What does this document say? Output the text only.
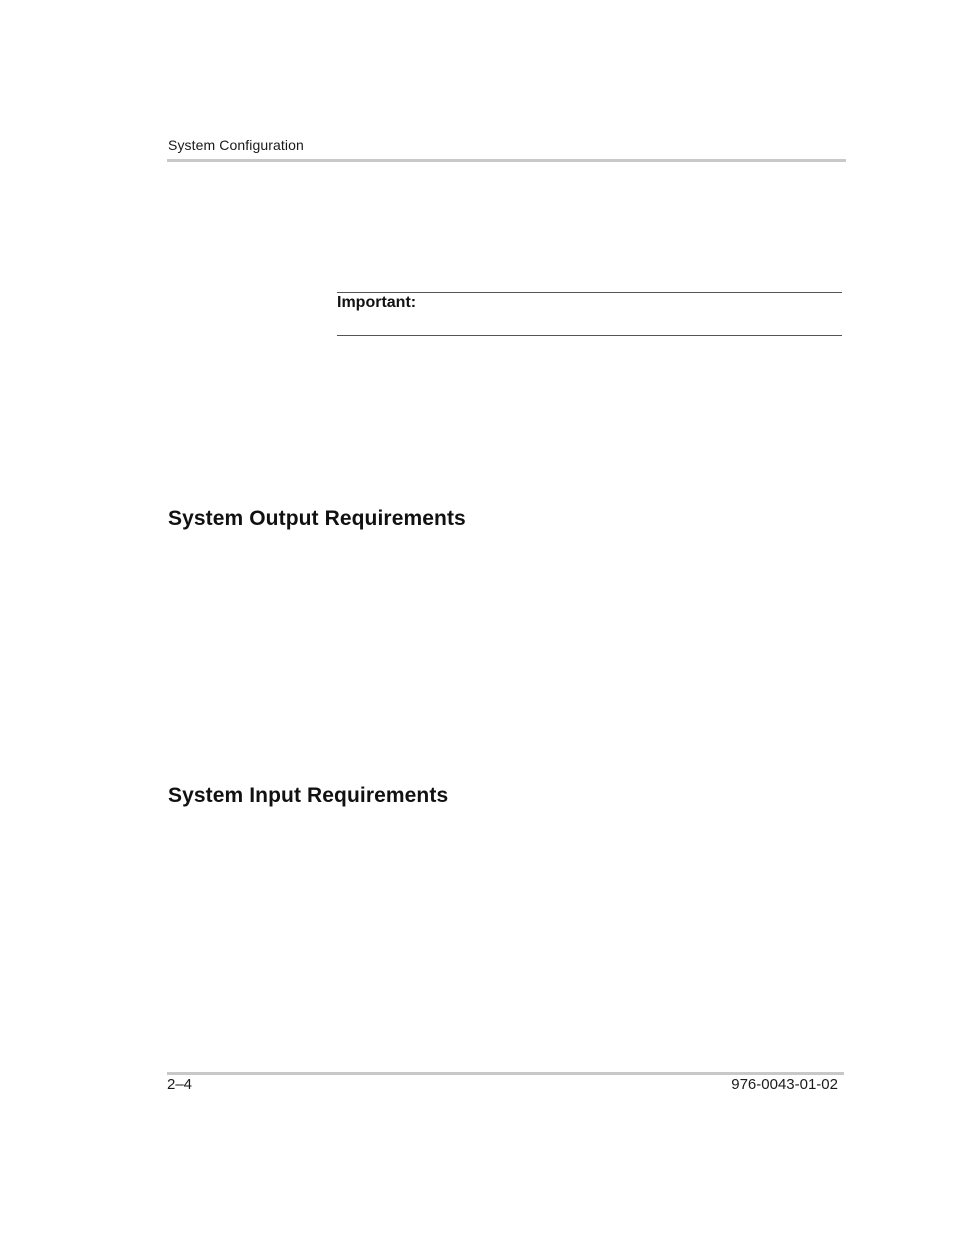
System Configuration
Important:
System Output Requirements
System Input Requirements
2–4	976-0043-01-02
